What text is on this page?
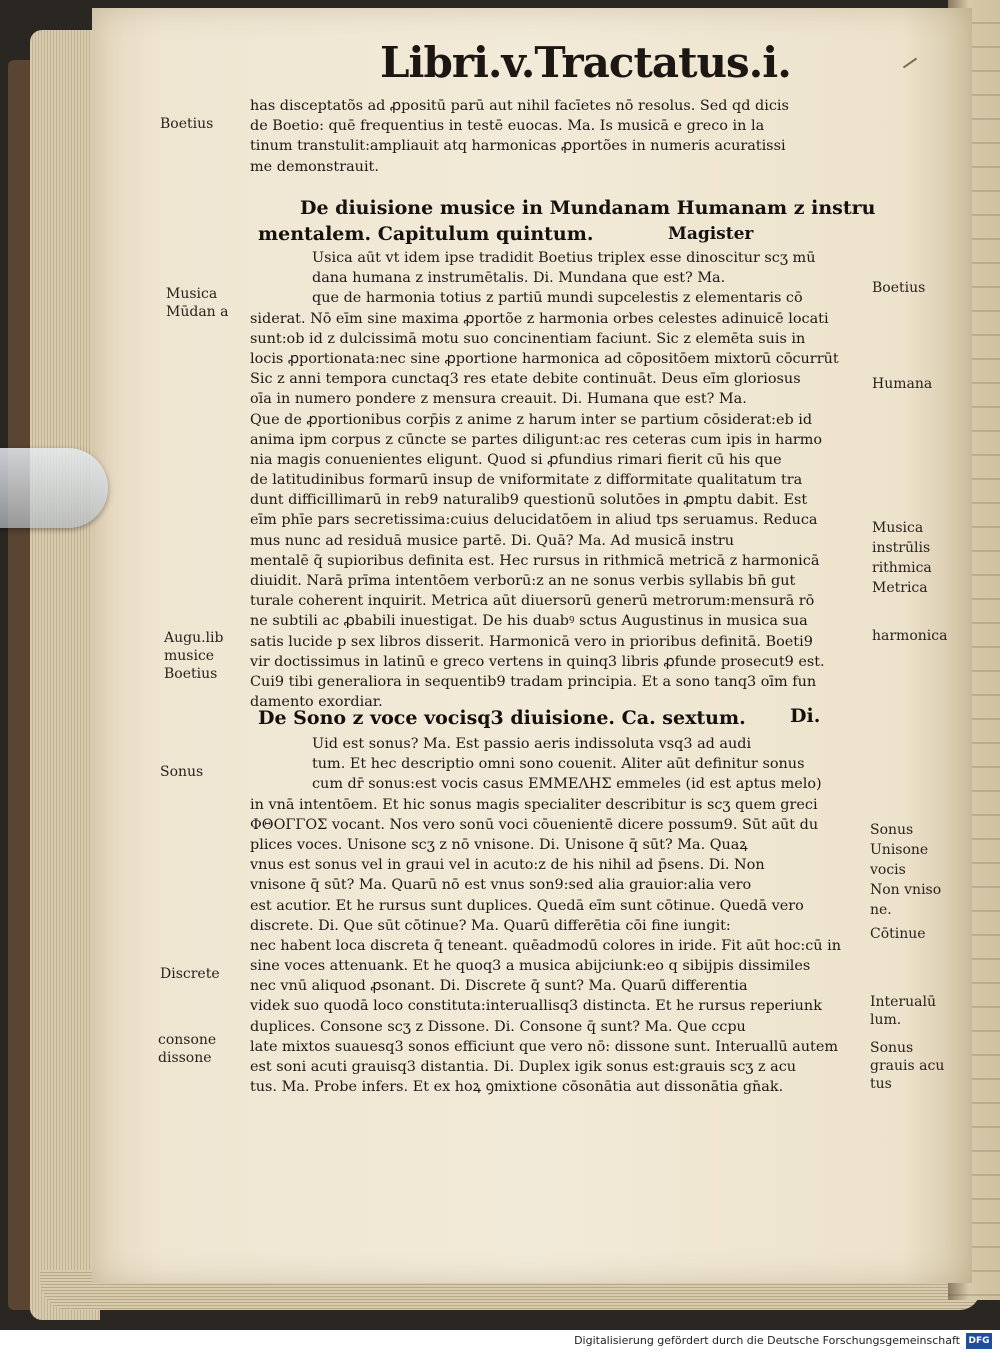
Libri.v.Tractatus.i.
has disceptatõs ad ꝓpositū parū aut nihil facīetes nō resolus. Sed qd dicis
de Boetio: quē frequentius in testē euocas. Ma. Is musicā e greco in la
tinum transtulit:ampliauit atq harmonicas ꝓportões in numeris acuratissi
me demonstrauit.
De diuisione musice in Mundanam Humanam z instru
mentalem. Capitulum quintum.	Magister
Usica aūt vt idem ipse tradidit Boetius triplex esse dinoscitur scʒ mū
dana humana z instrumētalis. Di. Mundana que est? Ma.
que de harmonia totius z partiū mundi supcelestis z elementaris cō
siderat. Nō eīm sine maxima ꝓportõe z harmonia orbes celestes adinuicē locati
sunt:ob id z dulcissimā motu suo concinentiam faciunt. Sic z elemēta suis in
locis ꝓportionata:nec sine ꝓportione harmonica ad cōpositōem mixtorū cōcurrūt
Sic z anni tempora cunctaq3 res etate debite continuāt. Deus eīm gloriosus
oīa in numero pondere z mensura creauit. Di. Humana que est? Ma.
Que de ꝓportionibus corp̄is z anime z harum inter se partium cōsiderat:eb id
anima ipm corpus z cūncte se partes diligunt:ac res ceteras cum ipis in harmo
nia magis conuenientes eligunt. Quod si ꝓfundius rimari fierit cū his que
de latitudinibus formarū insup de vniformitate z difformitate qualitatum tra
dunt difficillimarū in reb9 naturalib9 questionū solutōes in ꝓmptu dabit. Est
eīm phīe pars secretissima:cuius delucidatōem in aliud tps seruamus. Reduca
mus nunc ad residuā musice partē. Di. Quā? Ma. Ad musicā instru
mentalē q̄ supioribus definita est. Hec rursus in rithmicā metricā z harmonicā
diuidit. Narā prīma intentōem verborū:z an ne sonus verbis syllabis bn̄ gut
turale coherent inquirit. Metrica aūt diuersorū generū metrorum:mensurā rō
ne subtili ac ꝓbabili inuestigat. De his duabꝰ sctus Augustinus in musica sua
satis lucide p sex libros disserit. Harmonicā vero in prioribus definitā. Boeti9
vir doctissimus in latinū e greco vertens in quinq3 libris ꝓfunde prosecut9 est.
Cui9 tibi generaliora in sequentib9 tradam principia. Et a sono tanq3 oīm fun
damento exordiar.
De Sono z voce vocisq3 diuisione. Ca. sextum. Di.
Uid est sonus? Ma. Est passio aeris indissoluta vsq3 ad audi
tum. Et hec descriptio omni sono couenit. Aliter aūt definitur sonus
cum dr̄ sonus:est vocis casus ΕΜΜΕΛΗΣ emmeles (id est aptus melo)
in vnā intentōem. Et hic sonus magis specialiter describitur is scʒ quem greci
ΦΘΟΓΓΟΣ vocant. Nos vero sonū voci cōuenientē dicere possum9. Sūt aūt du
plices voces. Unisone scʒ z nō vnisone. Di. Unisone q̄ sūt? Ma. Quaꝝ
vnus est sonus vel in graui vel in acuto:z de his nihil ad p̄sens. Di. Non
vnisone q̄ sūt? Ma. Quarū nō est vnus son9:sed alia grauior:alia vero
est acutior. Et he rursus sunt duplices. Quedā eīm sunt cōtinue. Quedā vero
discrete. Di. Que sūt cōtinue? Ma. Quarū differētia cōi fine iungit:
nec habent loca discreta q̄ teneant. quēadmodū colores in iride. Fit aūt hoc:cū in
sine voces attenuank. Et he quoq3 a musica abijciunk:eo q sibijpis dissimiles
nec vnū aliquod ꝓsonant. Di. Discrete q̄ sunt? Ma. Quarū differentia
videk suo quodā loco constituta:interuallisq3 distincta. Et he rursus reperiunk
duplices. Consone scʒ z Dissone. Di. Consone q̄ sunt? Ma. Que ccpu
late mixtos suauesq3 sonos efficiunt que vero nō: dissone sunt. Interuallū autem
est soni acuti grauisq3 distantia. Di. Duplex igik sonus est:grauis scʒ z acu
tus. Ma. Probe infers. Et ex hoꝝ ꝯmixtione cōsonātia aut dissonātia gn̄ak.
Boetius
Musica
Mūdan a
Augu.lib
musice
Boetius
Sonus
Discrete
consone
dissone
Boetius
Humana
Musica
instrūlis
rithmica
Metrica
harmonica
Sonus
Unisone
vocis
Non vniso
ne.
Cōtinue
Interualū
lum.
Sonus
grauis acu
tus
Digitalisierung gefördert durch die Deutsche Forschungsgemeinschaft DFG
